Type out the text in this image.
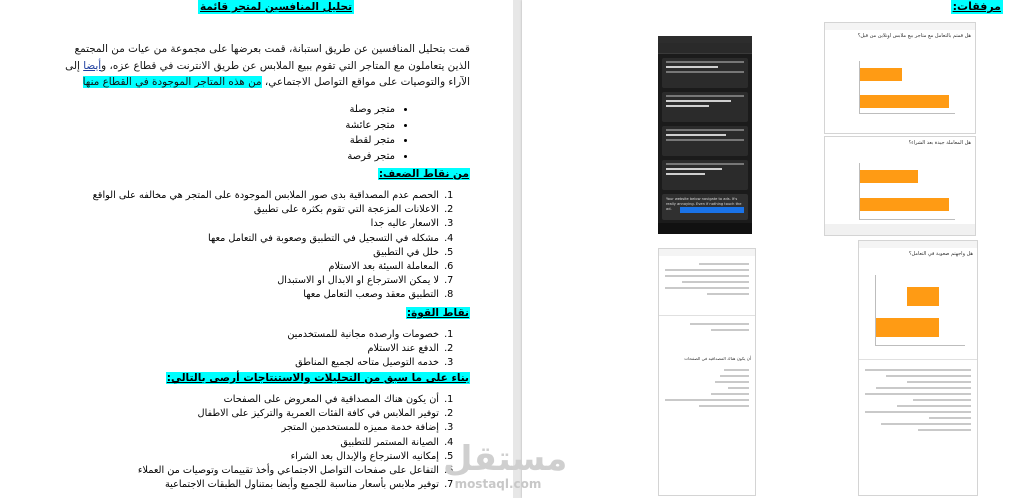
تحليل المنافسين لمتجر قائمة
قمت بتحليل المنافسين عن طريق استبانة، قمت بعرضها على مجموعة من عيات من المجتمع الذين يتعاملون مع المتاجر التي تقوم ببيع الملابس عن طريق الانترنت في قطاع عزه، وأيضا إلى الآراء والتوصيات على مواقع التواصل الاجتماعي، من هذه المتاجر الموجودة في القطاع منها
• متجر وصلة
• متجر عائشة
• متجر لقطة
• متجر فرصة
من نقاط الضعف:
1. الحصم عدم المصداقية بدى صور الملابس الموجودة على المتجر هي مخالفه على الواقع
2. الاعلانات المزعجة التي تقوم بكثرة على تطبيق
3. الاسعار عاليه جدا
4. مشكله في التسجيل في التطبيق وصعوبة في التعامل معها
5. خلل في التطبيق
6. المعاملة السيئة بعد الاستلام
7. لا يمكن الاسترجاع او الابدال او الاستبدال
8. التطبيق معقد وصعب التعامل معها
نقاط القوة:
1. خصومات وارصده مجانية للمستخدمين
2. الدفع عند الاستلام
3. خدمه التوصيل متاحه لجميع المناطق
بناء على ما سبق من التحليلات والاستنتاجات أرصى بالتالي:
1. أن يكون هناك المصداقية في المعروض على الصفحات
2. توفير الملابس في كافة الفئات العمرية والتركيز على الاطفال
3. إضافة خدمة مميزه للمستخدمين المتجر
4. الصيانة المستمر للتطبيق
5. إمكانيه الاسترجاع والإبدال بعد الشراء
6. التفاعل على صفحات التواصل الاجتماعي وأخذ تقييمات وتوصيات من العملاء
7. توفير ملابس بأسعار مناسبة للجميع وأيضا بمتناول الطبقات الاجتماعية
مرفقات:
Your website below navigate to ads. It's really annoying. Even if nothing touch the ad.
هل قمتم بالتعامل مع متاجر بيع ملابس اونلاين من قبل؟
هل المعاملة جيدة بعد الشراء؟
أن يكون هناك المصداقية في الصفحات
هل واجهتم صعوبة في التعامل؟
مستقل
mostaql.com
